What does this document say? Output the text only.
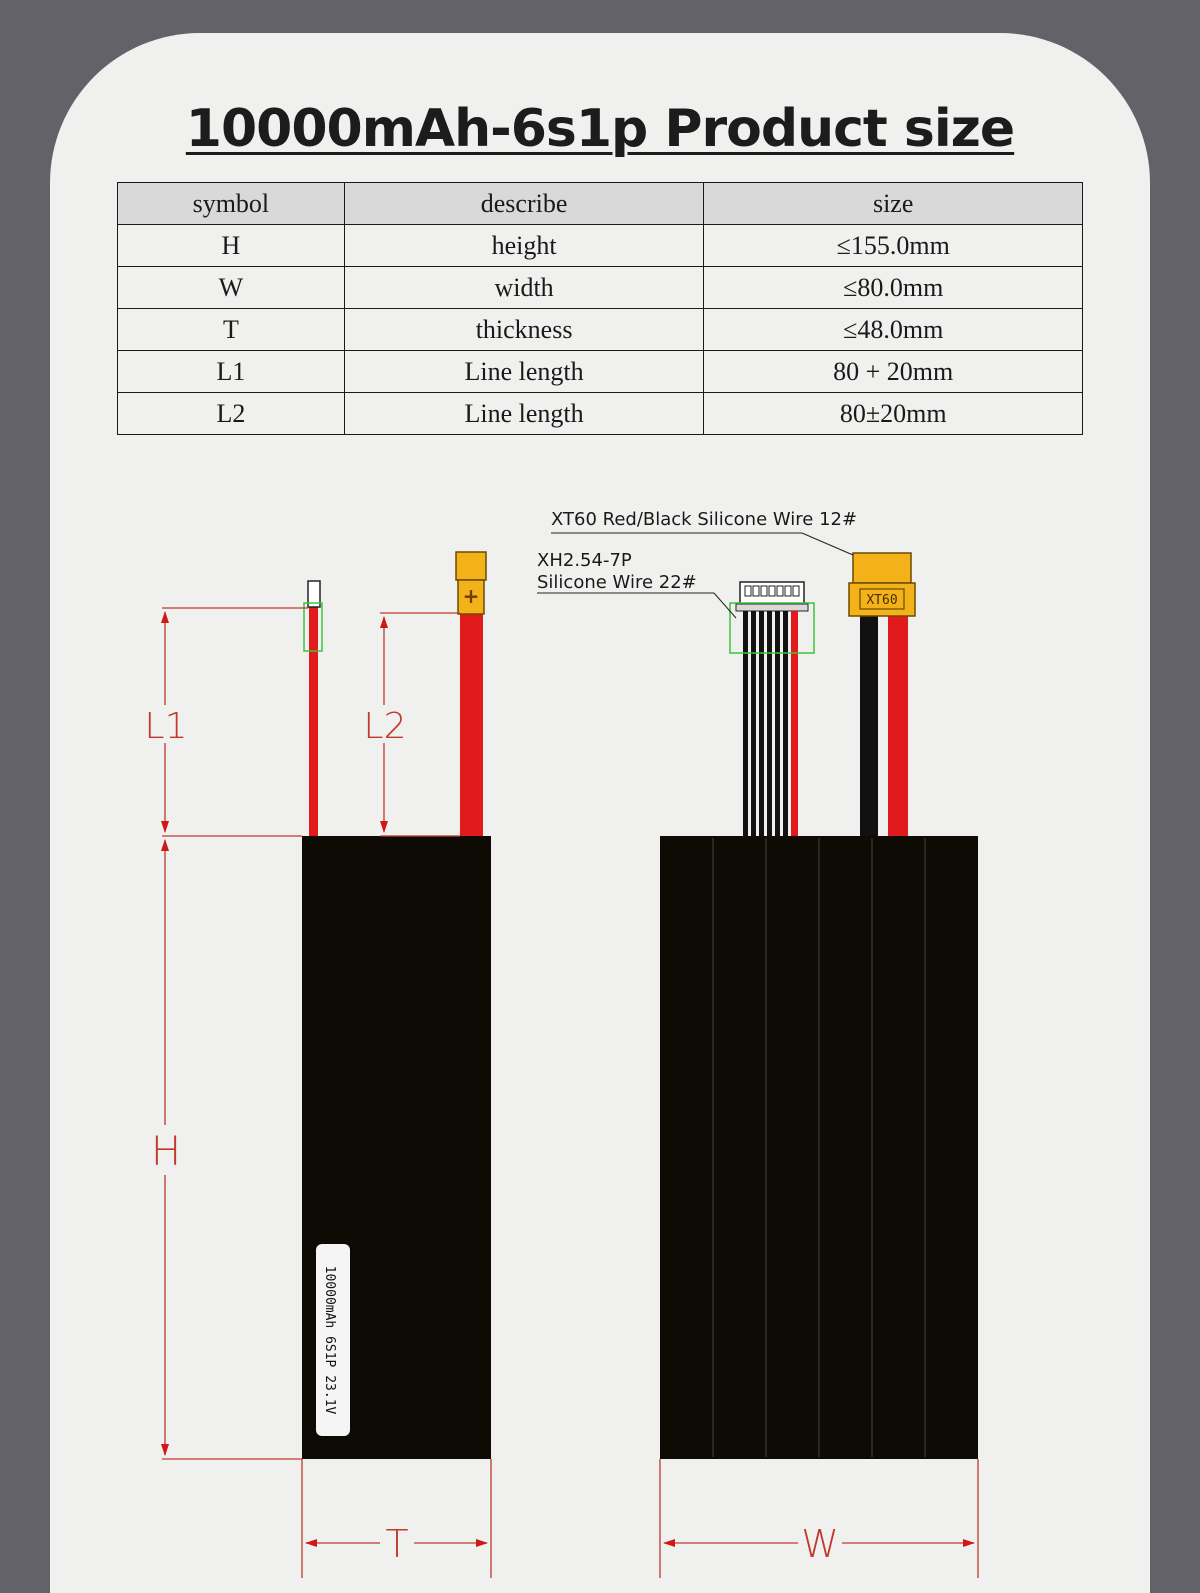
10000mAh-6s1p Product size
symbol	describe	size
H	height	≤155.0mm
W	width	≤80.0mm
T	thickness	≤48.0mm
L1	Line length	80 + 20mm
L2	Line length	80±20mm
+
10000mAh 6S1P 23.1V
L1	L2
H
T
XT60
W
XT60 Red/Black Silicone Wire 12#
XH2.54-7P
Silicone Wire 22#
